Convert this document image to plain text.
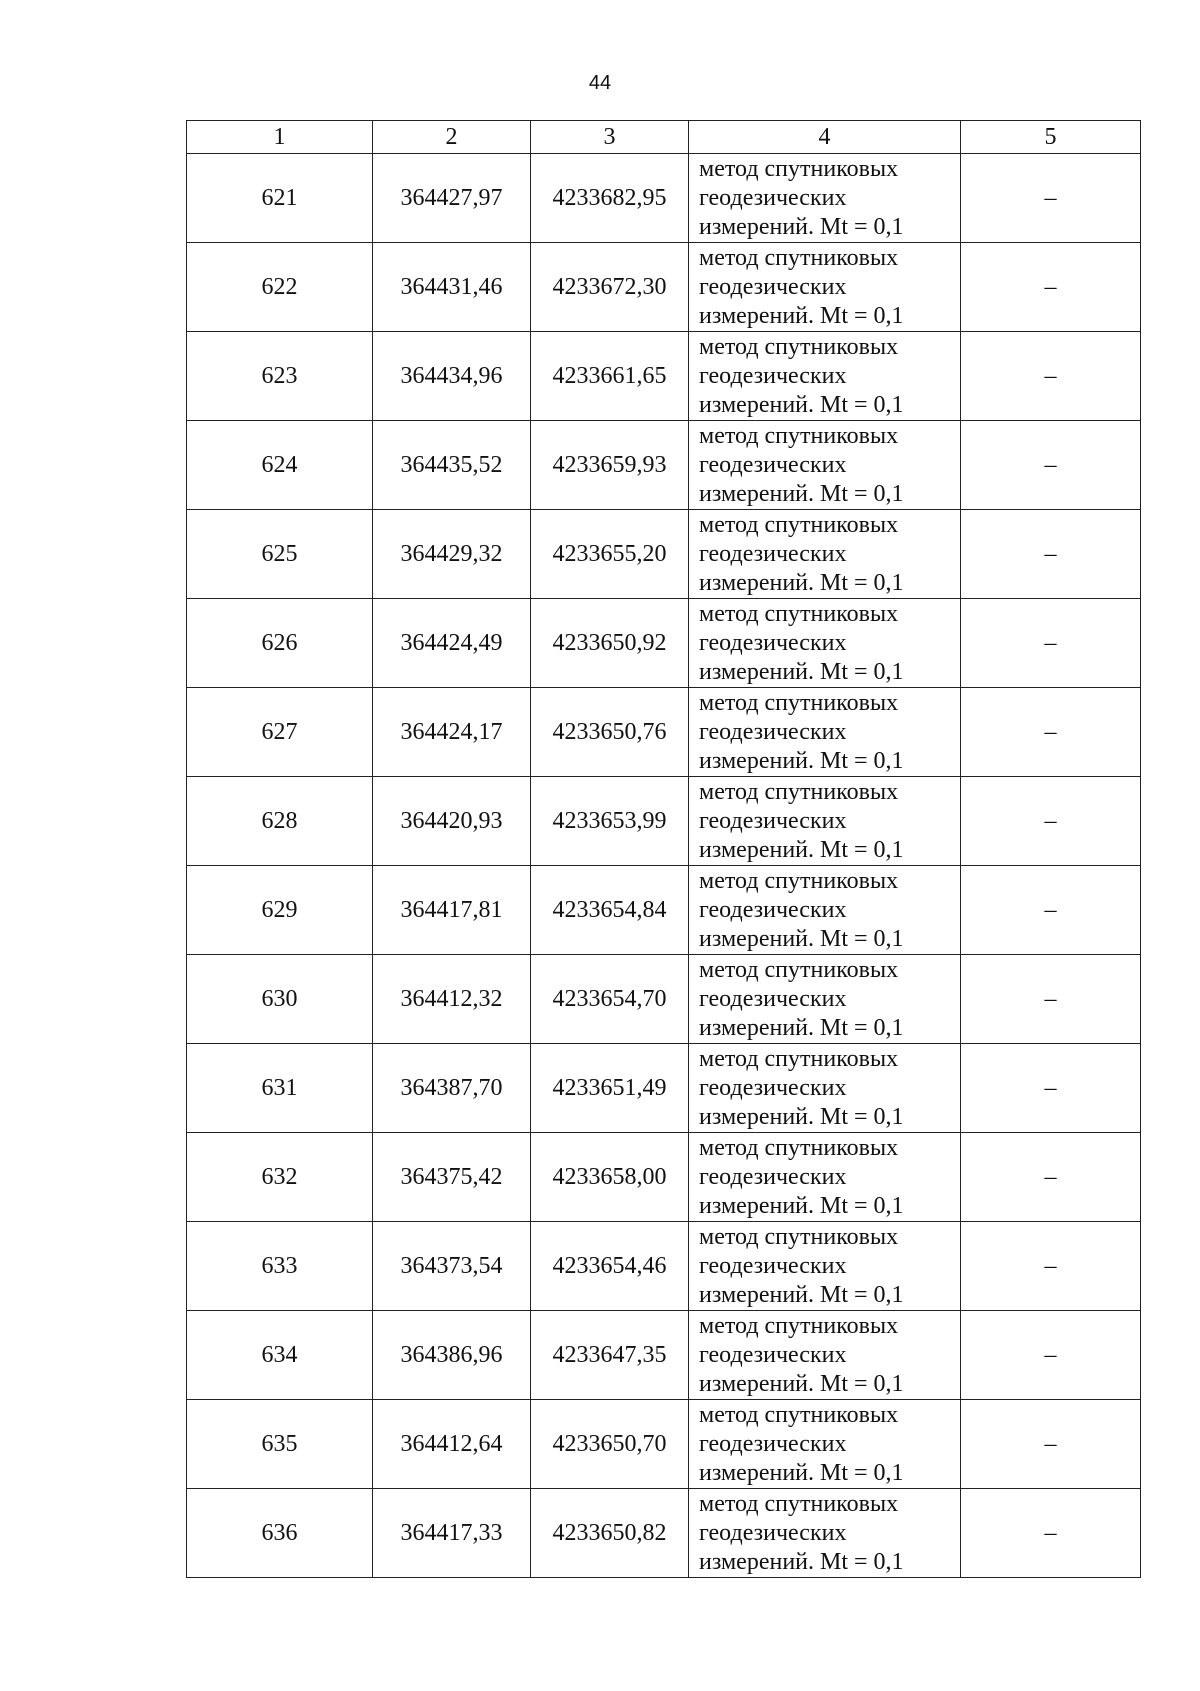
44
1	2	3	4	5
621	364427,97	4233682,95	метод спутниковых
геодезических
измерений. Mt = 0,1	–
622	364431,46	4233672,30	метод спутниковых
геодезических
измерений. Mt = 0,1	–
623	364434,96	4233661,65	метод спутниковых
геодезических
измерений. Mt = 0,1	–
624	364435,52	4233659,93	метод спутниковых
геодезических
измерений. Mt = 0,1	–
625	364429,32	4233655,20	метод спутниковых
геодезических
измерений. Mt = 0,1	–
626	364424,49	4233650,92	метод спутниковых
геодезических
измерений. Mt = 0,1	–
627	364424,17	4233650,76	метод спутниковых
геодезических
измерений. Mt = 0,1	–
628	364420,93	4233653,99	метод спутниковых
геодезических
измерений. Mt = 0,1	–
629	364417,81	4233654,84	метод спутниковых
геодезических
измерений. Mt = 0,1	–
630	364412,32	4233654,70	метод спутниковых
геодезических
измерений. Mt = 0,1	–
631	364387,70	4233651,49	метод спутниковых
геодезических
измерений. Mt = 0,1	–
632	364375,42	4233658,00	метод спутниковых
геодезических
измерений. Mt = 0,1	–
633	364373,54	4233654,46	метод спутниковых
геодезических
измерений. Mt = 0,1	–
634	364386,96	4233647,35	метод спутниковых
геодезических
измерений. Mt = 0,1	–
635	364412,64	4233650,70	метод спутниковых
геодезических
измерений. Mt = 0,1	–
636	364417,33	4233650,82	метод спутниковых
геодезических
измерений. Mt = 0,1	–
